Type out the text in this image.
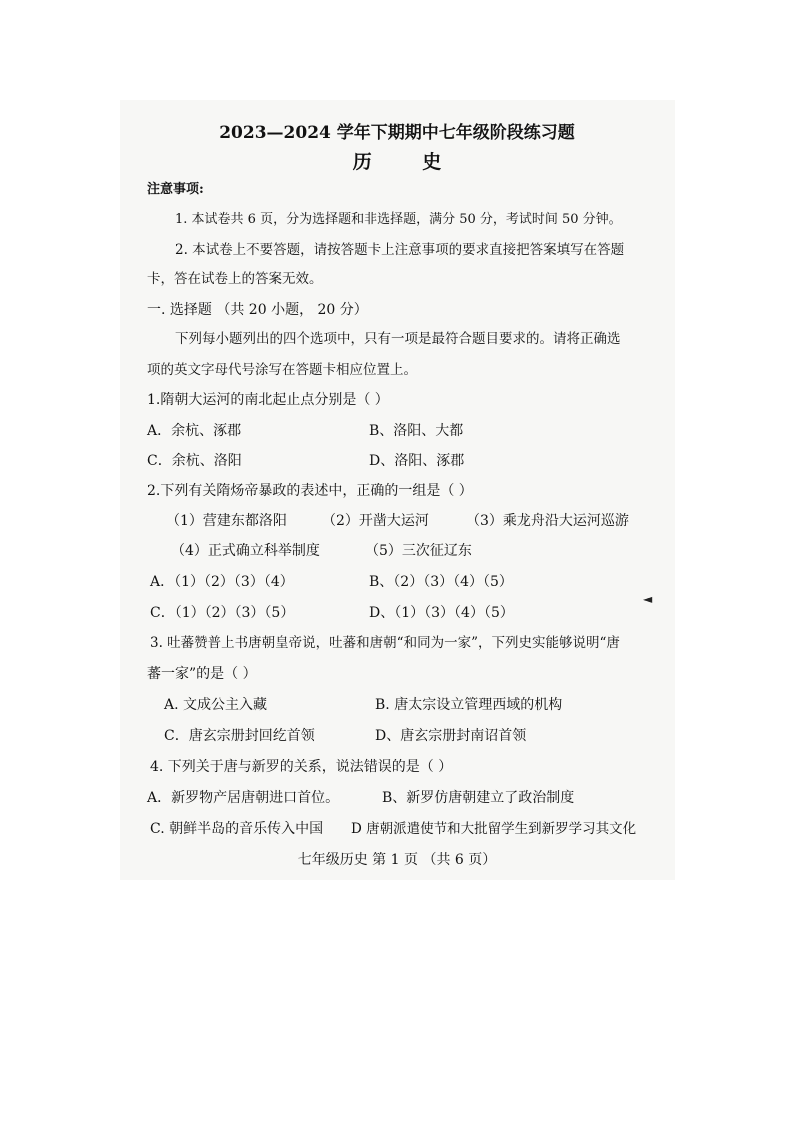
2023—2024 学年下期期中七年级阶段练习题
历 史
注意事项:
1. 本试卷共 6 页，分为选择题和非选择题，满分 50 分，考试时间 50 分钟。
2. 本试卷上不要答题，请按答题卡上注意事项的要求直接把答案填写在答题
卡，答在试卷上的答案无效。
一. 选择题 （共 20 小题， 20 分）
下列每小题列出的四个选项中，只有一项是最符合题目要求的。请将正确选
项的英文字母代号涂写在答题卡相应位置上。
1.隋朝大运河的南北起止点分别是（ ）
A．余杭、涿郡	B、洛阳、大都
C．余杭、洛阳	D、洛阳、涿郡
2.下列有关隋炀帝暴政的表述中，正确的一组是（ ）
（1）营建东都洛阳	（2）开凿大运河	（3）乘龙舟沿大运河巡游
（4）正式确立科举制度	（5）三次征辽东
A．（1）（2）（3）（4）	B、（2）（3）（4）（5）
C．（1）（2）（3）（5）	D、（1）（3）（4）（5）
3. 吐蕃赞普上书唐朝皇帝说，吐蕃和唐朝“和同为一家”，下列史实能够说明“唐
蕃一家”的是（ ）
A. 文成公主入藏	B. 唐太宗设立管理西域的机构
C．唐玄宗册封回纥首领	D、唐玄宗册封南诏首领
4. 下列关于唐与新罗的关系，说法错误的是（ ）
A．新罗物产居唐朝进口首位。	B、新罗仿唐朝建立了政治制度
C. 朝鲜半岛的音乐传入中国 D 唐朝派遣使节和大批留学生到新罗学习其文化
七年级历史 第 1 页 （共 6 页）
◄
